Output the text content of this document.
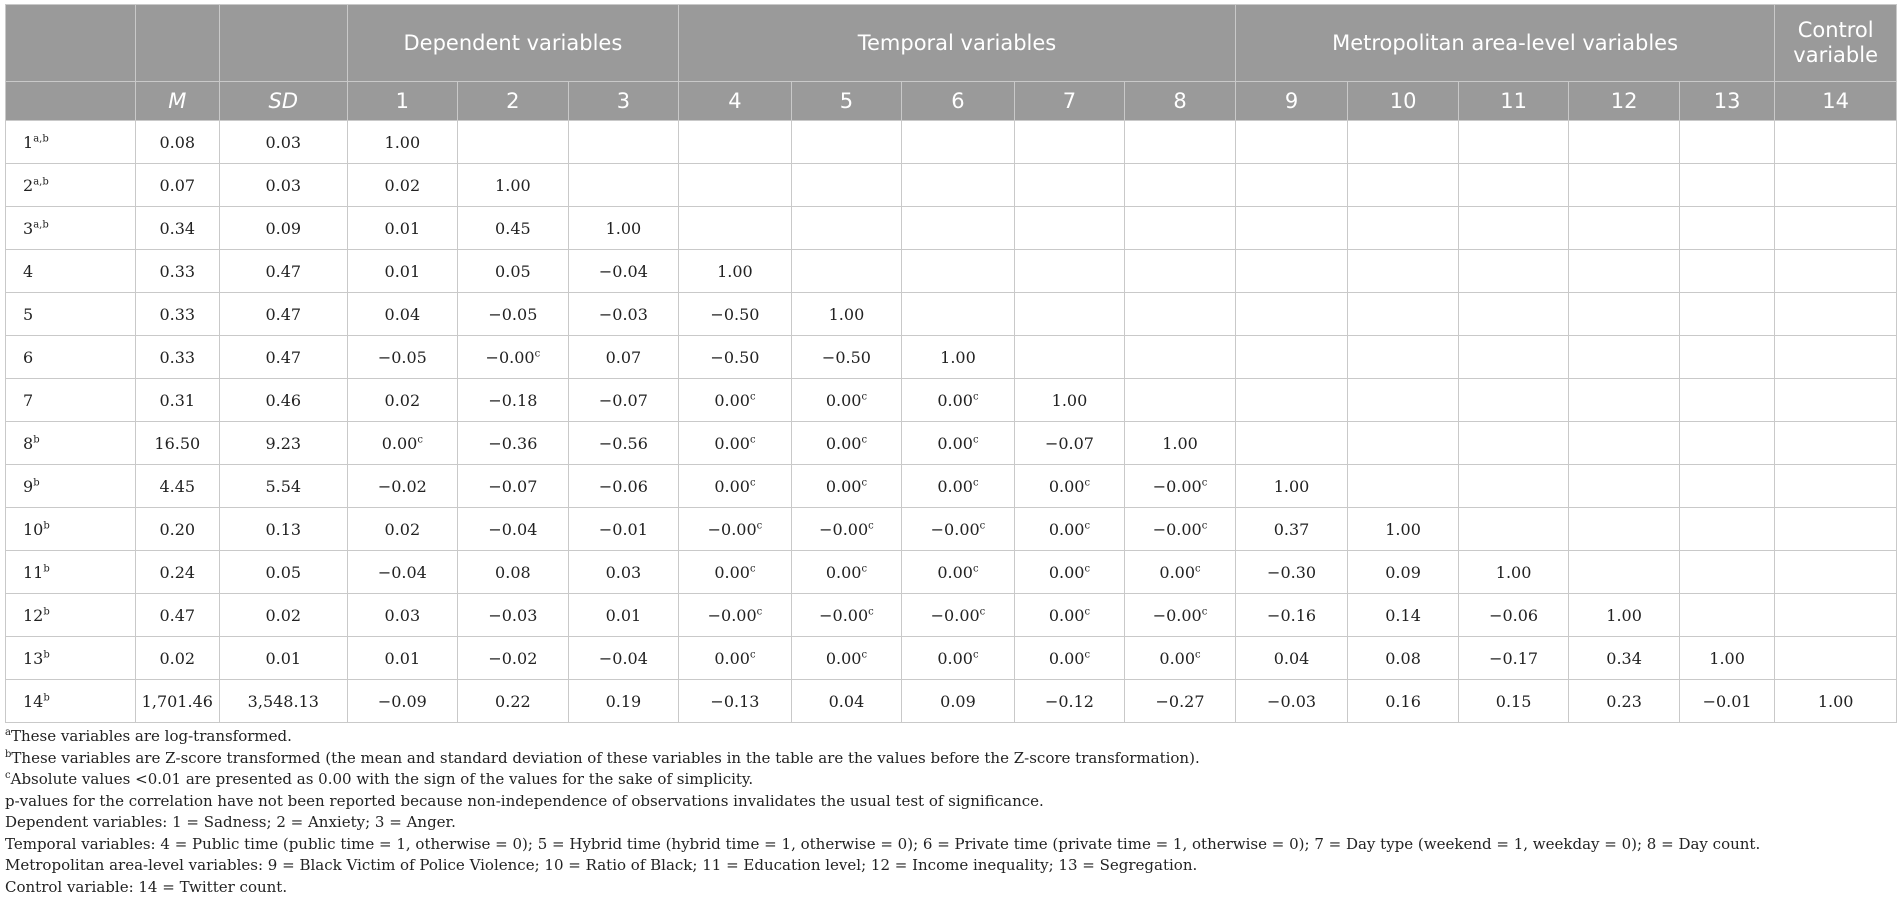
			Dependent variables			Temporal variables					Metropolitan area-level variables					Control variable
	M	SD	1	2	3	4	5	6	7	8	9	10	11	12	13	14
1$^{a,b}$	0.08	0.03	1.00													
2$^{a,b}$	0.07	0.03	0.02	1.00												
3$^{a,b}$	0.34	0.09	0.01	0.45	1.00											
4	0.33	0.47	0.01	0.05	−0.04	1.00										
5	0.33	0.47	0.04	−0.05	−0.03	−0.50	1.00									
6	0.33	0.47	−0.05	−0.00$^c$	0.07	−0.50	−0.50	1.00								
7	0.31	0.46	0.02	−0.18	−0.07	0.00$^c$	0.00$^c$	0.00$^c$	1.00							
8$^b$	16.50	9.23	0.00$^c$	−0.36	−0.56	0.00$^c$	0.00$^c$	0.00$^c$	−0.07	1.00						
9$^b$	4.45	5.54	−0.02	−0.07	−0.06	0.00$^c$	0.00$^c$	0.00$^c$	0.00$^c$	−0.00$^c$	1.00					
10$^b$	0.20	0.13	0.02	−0.04	−0.01	−0.00$^c$	−0.00$^c$	−0.00$^c$	0.00$^c$	−0.00$^c$	0.37	1.00				
11$^b$	0.24	0.05	−0.04	0.08	0.03	0.00$^c$	0.00$^c$	0.00$^c$	0.00$^c$	0.00$^c$	−0.30	0.09	1.00			
12$^b$	0.47	0.02	0.03	−0.03	0.01	−0.00$^c$	−0.00$^c$	−0.00$^c$	0.00$^c$	−0.00$^c$	−0.16	0.14	−0.06	1.00		
13$^b$	0.02	0.01	0.01	−0.02	−0.04	0.00$^c$	0.00$^c$	0.00$^c$	0.00$^c$	0.00$^c$	0.04	0.08	−0.17	0.34	1.00	
14$^b$	1,701.46	3,548.13	−0.09	0.22	0.19	−0.13	0.04	0.09	−0.12	−0.27	−0.03	0.16	0.15	0.23	−0.01	1.00
$^a$These variables are log-transformed.
$^b$These variables are Z-score transformed (the mean and standard deviation of these variables in the table are the values before the Z-score transformation).
$^c$Absolute values <0.01 are presented as 0.00 with the sign of the values for the sake of simplicity.
p-values for the correlation have not been reported because non-independence of observations invalidates the usual test of significance.
Dependent variables: 1 = Sadness; 2 = Anxiety; 3 = Anger.
Temporal variables: 4 = Public time (public time = 1, otherwise = 0); 5 = Hybrid time (hybrid time = 1, otherwise = 0); 6 = Private time (private time = 1, otherwise = 0); 7 = Day type (weekend = 1, weekday = 0); 8 = Day count.
Metropolitan area-level variables: 9 = Black Victim of Police Violence; 10 = Ratio of Black; 11 = Education level; 12 = Income inequality; 13 = Segregation.
Control variable: 14 = Twitter count.
